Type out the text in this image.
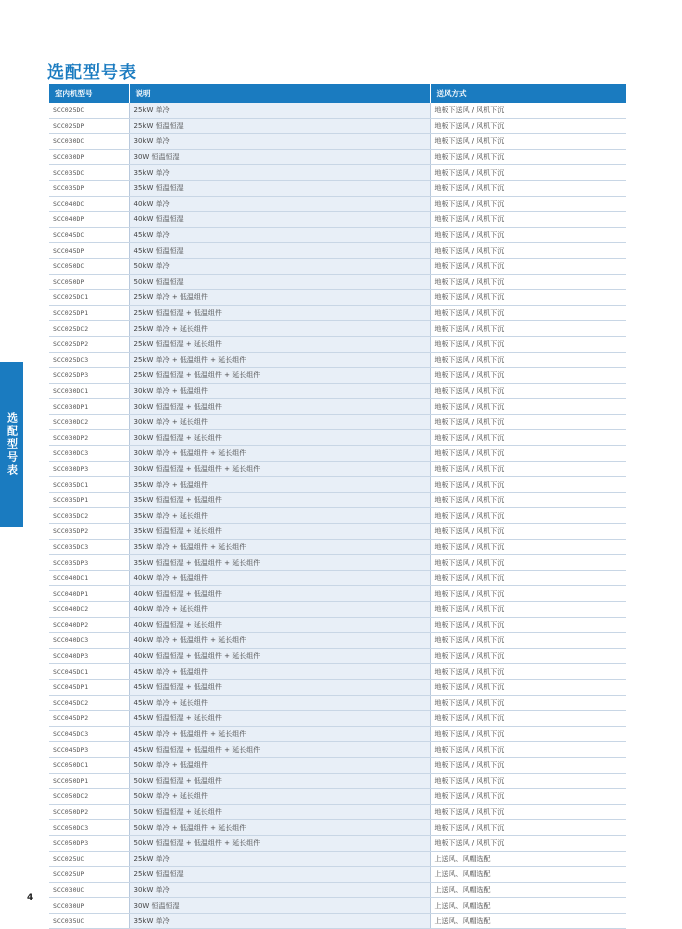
选配型号表
选配型号表
室内机型号	说明	送风方式
SCC025DC	25kW 单冷	地板下送风 / 风机下沉
SCC025DP	25kW 恒温恒湿	地板下送风 / 风机下沉
SCC030DC	30kW 单冷	地板下送风 / 风机下沉
SCC030DP	30W 恒温恒湿	地板下送风 / 风机下沉
SCC035DC	35kW 单冷	地板下送风 / 风机下沉
SCC035DP	35kW 恒温恒湿	地板下送风 / 风机下沉
SCC040DC	40kW 单冷	地板下送风 / 风机下沉
SCC040DP	40kW 恒温恒湿	地板下送风 / 风机下沉
SCC045DC	45kW 单冷	地板下送风 / 风机下沉
SCC045DP	45kW 恒温恒湿	地板下送风 / 风机下沉
SCC050DC	50kW 单冷	地板下送风 / 风机下沉
SCC050DP	50kW 恒温恒湿	地板下送风 / 风机下沉
SCC025DC1	25kW 单冷 + 低温组件	地板下送风 / 风机下沉
SCC025DP1	25kW 恒温恒湿 + 低温组件	地板下送风 / 风机下沉
SCC025DC2	25kW 单冷 + 延长组件	地板下送风 / 风机下沉
SCC025DP2	25kW 恒温恒湿 + 延长组件	地板下送风 / 风机下沉
SCC025DC3	25kW 单冷 + 低温组件 + 延长组件	地板下送风 / 风机下沉
SCC025DP3	25kW 恒温恒湿 + 低温组件 + 延长组件	地板下送风 / 风机下沉
SCC030DC1	30kW 单冷 + 低温组件	地板下送风 / 风机下沉
SCC030DP1	30kW 恒温恒湿 + 低温组件	地板下送风 / 风机下沉
SCC030DC2	30kW 单冷 + 延长组件	地板下送风 / 风机下沉
SCC030DP2	30kW 恒温恒湿 + 延长组件	地板下送风 / 风机下沉
SCC030DC3	30kW 单冷 + 低温组件 + 延长组件	地板下送风 / 风机下沉
SCC030DP3	30kW 恒温恒湿 + 低温组件 + 延长组件	地板下送风 / 风机下沉
SCC035DC1	35kW 单冷 + 低温组件	地板下送风 / 风机下沉
SCC035DP1	35kW 恒温恒湿 + 低温组件	地板下送风 / 风机下沉
SCC035DC2	35kW 单冷 + 延长组件	地板下送风 / 风机下沉
SCC035DP2	35kW 恒温恒湿 + 延长组件	地板下送风 / 风机下沉
SCC035DC3	35kW 单冷 + 低温组件 + 延长组件	地板下送风 / 风机下沉
SCC035DP3	35kW 恒温恒湿 + 低温组件 + 延长组件	地板下送风 / 风机下沉
SCC040DC1	40kW 单冷 + 低温组件	地板下送风 / 风机下沉
SCC040DP1	40kW 恒温恒湿 + 低温组件	地板下送风 / 风机下沉
SCC040DC2	40kW 单冷 + 延长组件	地板下送风 / 风机下沉
SCC040DP2	40kW 恒温恒湿 + 延长组件	地板下送风 / 风机下沉
SCC040DC3	40kW 单冷 + 低温组件 + 延长组件	地板下送风 / 风机下沉
SCC040DP3	40kW 恒温恒湿 + 低温组件 + 延长组件	地板下送风 / 风机下沉
SCC045DC1	45kW 单冷 + 低温组件	地板下送风 / 风机下沉
SCC045DP1	45kW 恒温恒湿 + 低温组件	地板下送风 / 风机下沉
SCC045DC2	45kW 单冷 + 延长组件	地板下送风 / 风机下沉
SCC045DP2	45kW 恒温恒湿 + 延长组件	地板下送风 / 风机下沉
SCC045DC3	45kW 单冷 + 低温组件 + 延长组件	地板下送风 / 风机下沉
SCC045DP3	45kW 恒温恒湿 + 低温组件 + 延长组件	地板下送风 / 风机下沉
SCC050DC1	50kW 单冷 + 低温组件	地板下送风 / 风机下沉
SCC050DP1	50kW 恒温恒湿 + 低温组件	地板下送风 / 风机下沉
SCC050DC2	50kW 单冷 + 延长组件	地板下送风 / 风机下沉
SCC050DP2	50kW 恒温恒湿 + 延长组件	地板下送风 / 风机下沉
SCC050DC3	50kW 单冷 + 低温组件 + 延长组件	地板下送风 / 风机下沉
SCC050DP3	50kW 恒温恒湿 + 低温组件 + 延长组件	地板下送风 / 风机下沉
SCC025UC	25kW 单冷	上送风、风帽选配
SCC025UP	25kW 恒温恒湿	上送风、风帽选配
SCC030UC	30kW 单冷	上送风、风帽选配
SCC030UP	30W 恒温恒湿	上送风、风帽选配
SCC035UC	35kW 单冷	上送风、风帽选配
4
